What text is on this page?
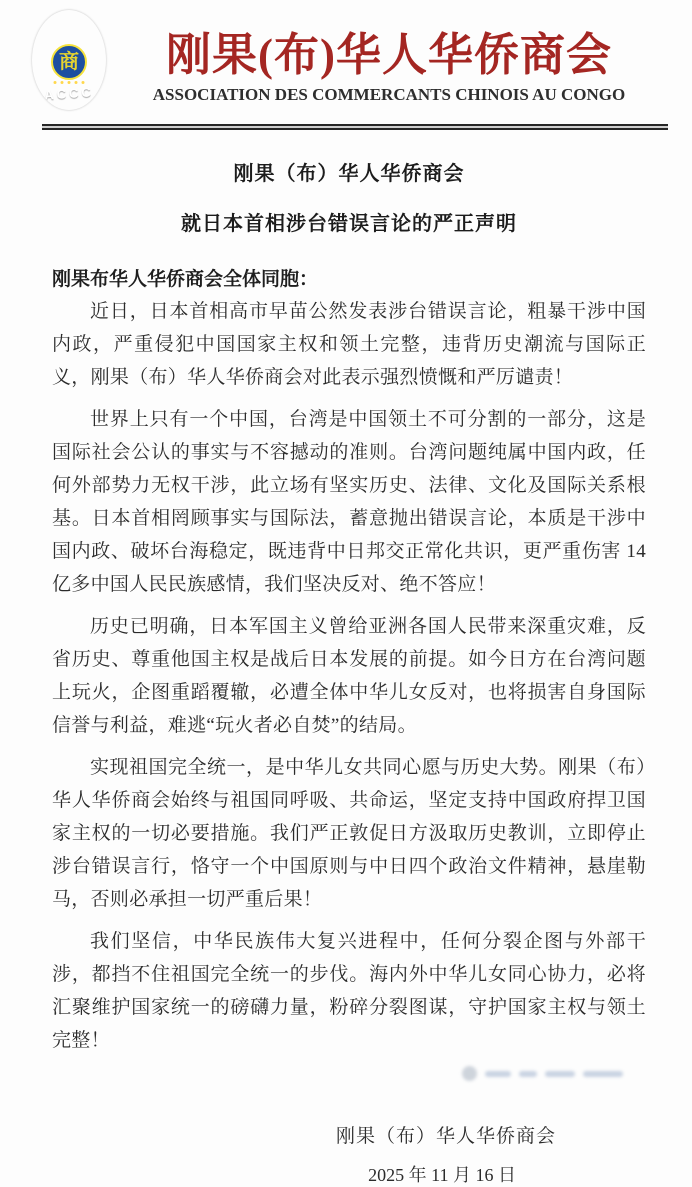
商
ACCC
刚果(布)华人华侨商会
ASSOCIATION DES COMMERCANTS CHINOIS AU CONGO
刚果（布）华人华侨商会
就日本首相涉台错误言论的严正声明
刚果布华人华侨商会全体同胞：

近日，日本首相高市早苗公然发表涉台错误言论，粗暴干涉中国内政，严重侵犯中国国家主权和领土完整，违背历史潮流与国际正义，刚果（布）华人华侨商会对此表示强烈愤慨和严厉谴责！

世界上只有一个中国，台湾是中国领土不可分割的一部分，这是国际社会公认的事实与不容撼动的准则。台湾问题纯属中国内政，任何外部势力无权干涉，此立场有坚实历史、法律、文化及国际关系根基。日本首相罔顾事实与国际法，蓄意抛出错误言论，本质是干涉中国内政、破坏台海稳定，既违背中日邦交正常化共识，更严重伤害 14 亿多中国人民民族感情，我们坚决反对、绝不答应！

历史已明确，日本军国主义曾给亚洲各国人民带来深重灾难，反省历史、尊重他国主权是战后日本发展的前提。如今日方在台湾问题上玩火，企图重蹈覆辙，必遭全体中华儿女反对，也将损害自身国际信誉与利益，难逃“玩火者必自焚”的结局。

实现祖国完全统一，是中华儿女共同心愿与历史大势。刚果（布）华人华侨商会始终与祖国同呼吸、共命运，坚定支持中国政府捍卫国家主权的一切必要措施。我们严正敦促日方汲取历史教训，立即停止涉台错误言行，恪守一个中国原则与中日四个政治文件精神，悬崖勒马，否则必承担一切严重后果！

我们坚信，中华民族伟大复兴进程中，任何分裂企图与外部干涉，都挡不住祖国完全统一的步伐。海内外中华儿女同心协力，必将汇聚维护国家统一的磅礴力量，粉碎分裂图谋，守护国家主权与领土完整！

刚果（布）华人华侨商会
2025 年 11 月 16 日
